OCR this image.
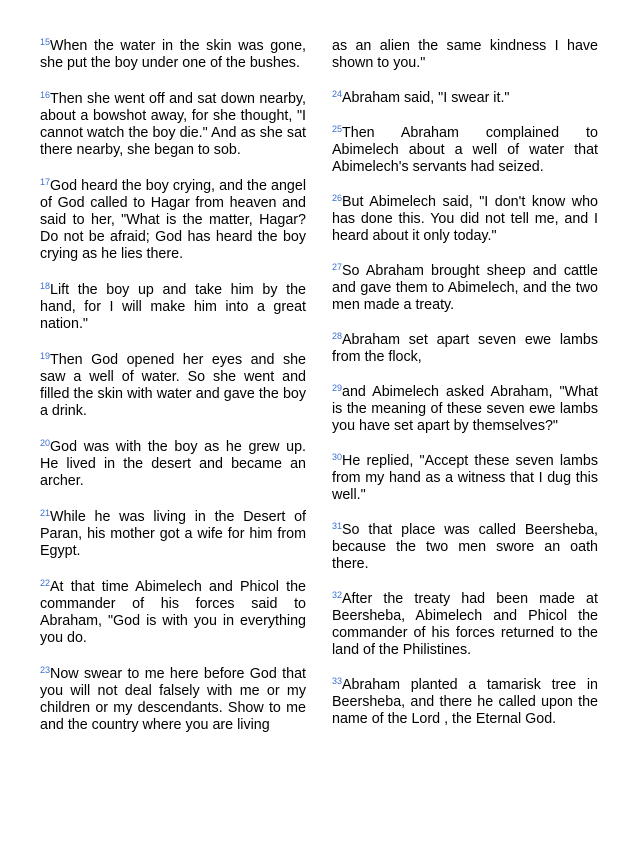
$^{15}$When the water in the skin was gone, she put the boy under one of the bushes.

$^{16}$Then she went off and sat down nearby, about a bowshot away, for she thought, "I cannot watch the boy die." And as she sat there nearby, she began to sob.

$^{17}$God heard the boy crying, and the angel of God called to Hagar from heaven and said to her, "What is the matter, Hagar? Do not be afraid; God has heard the boy crying as he lies there.

$^{18}$Lift the boy up and take him by the hand, for I will make him into a great nation."

$^{19}$Then God opened her eyes and she saw a well of water. So she went and filled the skin with water and gave the boy a drink.

$^{20}$God was with the boy as he grew up. He lived in the desert and became an archer.

$^{21}$While he was living in the Desert of Paran, his mother got a wife for him from Egypt.

$^{22}$At that time Abimelech and Phicol the commander of his forces said to Abraham, "God is with you in everything you do.

$^{23}$Now swear to me here before God that you will not deal falsely with me or my children or my descendants. Show to me and the country where you are living

as an alien the same kindness I have shown to you."

$^{24}$Abraham said, "I swear it."

$^{25}$Then Abraham complained to Abimelech about a well of water that Abimelech's servants had seized.

$^{26}$But Abimelech said, "I don't know who has done this. You did not tell me, and I heard about it only today."

$^{27}$So Abraham brought sheep and cattle and gave them to Abimelech, and the two men made a treaty.

$^{28}$Abraham set apart seven ewe lambs from the flock,

$^{29}$and Abimelech asked Abraham, "What is the meaning of these seven ewe lambs you have set apart by themselves?"

$^{30}$He replied, "Accept these seven lambs from my hand as a witness that I dug this well."

$^{31}$So that place was called Beersheba, because the two men swore an oath there.

$^{32}$After the treaty had been made at Beersheba, Abimelech and Phicol the commander of his forces returned to the land of the Philistines.

$^{33}$Abraham planted a tamarisk tree in Beersheba, and there he called upon the name of the Lord , the Eternal God.
